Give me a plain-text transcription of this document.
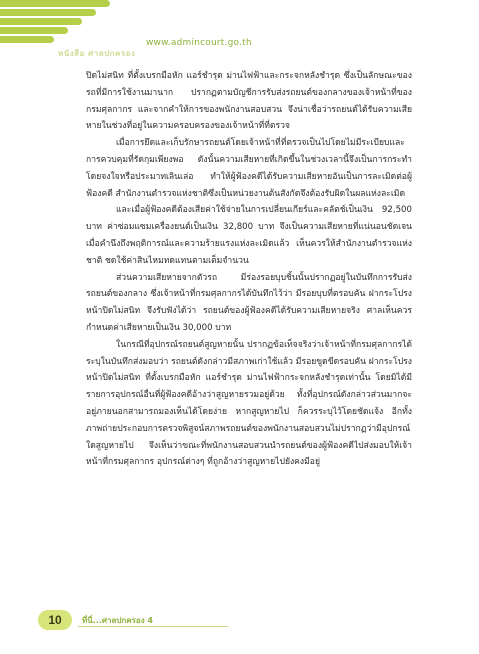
www.admincourt.go.th
หนังสือ ศาลปกครอง

ปิดไม่สนิท ที่ตั้งเบรกมือหัก แอร์ชำรุด ม่านไฟฟ้าและกระจกหลังชำรุด ซึ่งเป็นลักษณะของรถที่มีการใช้งานมานาก ปรากฏตามบัญชีการรับส่งรถยนต์ของกลางของเจ้าหน้าที่ของกรมศุลกากร และจากคำให้การของพนักงานสอบสวน จึงน่าเชื่อว่ารถยนต์ได้รับความเสียหายในช่วงที่อยู่ในความครอบครองของเจ้าหน้าที่ที่ตรวจ

เมื่อการยึดและเก็บรักษารถยนต์โดยเจ้าหน้าที่ที่ตรวจเป็นไปโดยไม่มีระเบียบและการควบคุมที่รัดกุมเพียงพอ ดังนั้นความเสียหายที่เกิดขึ้นในช่วงเวลานี้จึงเป็นการกระทำโดยจงใจหรือประมาทเลินเล่อ ทำให้ผู้ฟ้องคดีได้รับความเสียหายอันเป็นการละเมิดต่อผู้ฟ้องคดี สำนักงานตำรวจแห่งชาติซึ่งเป็นหน่วยงานต้นสังกัดจึงต้องรับผิดในผลแห่งละเมิด

และเมื่อผู้ฟ้องคดีต้องเสียค่าใช้จ่ายในการเปลี่ยนเกียร์และคลัตช์เป็นเงิน 92,500 บาท ค่าซ่อมแซมเครื่องยนต์เป็นเงิน 32,800 บาท จึงเป็นความเสียหายที่แน่นอนชัดเจน เมื่อคำนึงถึงพฤติการณ์และความร้ายแรงแห่งละเมิดแล้ว เห็นควรให้สำนักงานตำรวจแห่งชาติ ชดใช้ค่าสินไหมทดแทนตามเต็มจำนวน

ส่วนความเสียหายจากตัวรถ มีร่องรอยบุบชิ้นนั้นปรากฏอยู่ในบันทึกการรับส่งรถยนต์ของกลาง ซึ่งเจ้าหน้าที่กรมศุลกากรได้บันทึกไว้ว่า มีรอยบุบที่ตรอบคัน ฝากระโปรงหน้าปิดไม่สนิท จึงรับฟังได้ว่า รถยนต์ของผู้ฟ้องคดีได้รับความเสียหายจริง ศาลเห็นควรกำหนดค่าเสียหายเป็นเงิน 30,000 บาท

ในกรณีที่อุปกรณ์รถยนต์สูญหายนั้น ปรากฏข้อเท็จจริงว่าเจ้าหน้าที่กรมศุลกากรได้ระบุในบันทึกส่งมอบว่า รถยนต์ดังกล่าวมีสภาพเก่าใช้แล้ว มีรอยขูดขีดรอบคัน ฝากระโปรงหน้าปิดไม่สนิท ที่ตั้งเบรกมือหัก แอร์ชำรุด ม่านไฟฟ้ากระจกหลังชำรุดเท่านั้น โดยมิได้มีรายการอุปกรณ์อื่นที่ผู้ฟ้องคดีอ้างว่าสูญหายรวมอยู่ด้วย ทั้งที่อุปกรณ์ดังกล่าวส่วนมากจะอยู่ภายนอกสามารถมองเห็นได้โดยง่าย หากสูญหายไป ก็ควรระบุไว้โดยชัดแจ้ง อีกทั้งภาพถ่ายประกอบการตรวจพิสูจน์สภาพรถยนต์ของพนักงานสอบสวนไม่ปรากฏว่ามีอุปกรณ์ใดสูญหายไป จึงเห็นว่าขณะที่พนักงานสอบสวนนำรถยนต์ของผู้ฟ้องคดีไปส่งมอบให้เจ้าหน้าที่กรมศุลกากร อุปกรณ์ต่างๆ ที่ถูกอ้างว่าสูญหายไปยังคงมีอยู่

10	ที่นี่...ศาลปกครอง 4
